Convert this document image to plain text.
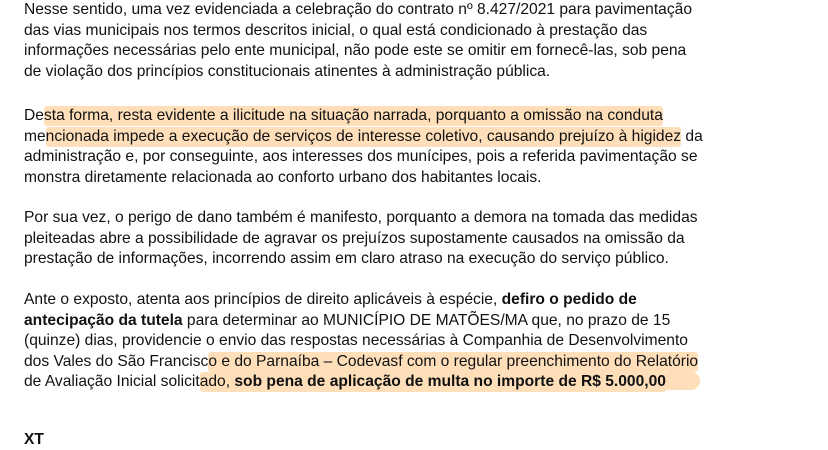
Nesse sentido, uma vez evidenciada a celebração do contrato nº 8.427/2021 para pavimentação
das vias municipais nos termos descritos inicial, o qual está condicionado à prestação das
informações necessárias pelo ente municipal, não pode este se omitir em fornecê-las, sob pena
de violação dos princípios constitucionais atinentes à administração pública.
Desta forma, resta evidente a ilicitude na situação narrada, porquanto a omissão na conduta
mencionada impede a execução de serviços de interesse coletivo, causando prejuízo à higidez da
administração e, por conseguinte, aos interesses dos munícipes, pois a referida pavimentação se
monstra diretamente relacionada ao conforto urbano dos habitantes locais.
Por sua vez, o perigo de dano também é manifesto, porquanto a demora na tomada das medidas
pleiteadas abre a possibilidade de agravar os prejuízos supostamente causados na omissão da
prestação de informações, incorrendo assim em claro atraso na execução do serviço público.
Ante o exposto, atenta aos princípios de direito aplicáveis à espécie, defiro o pedido de
antecipação da tutela para determinar ao MUNICÍPIO DE MATÕES/MA que, no prazo de 15
(quinze) dias, providencie o envio das respostas necessárias à Companhia de Desenvolvimento
dos Vales do São Francisco e do Parnaíba – Codevasf com o regular preenchimento do Relatório
de Avaliação Inicial solicitado, sob pena de aplicação de multa no importe de R$ 5.000,00
XT
